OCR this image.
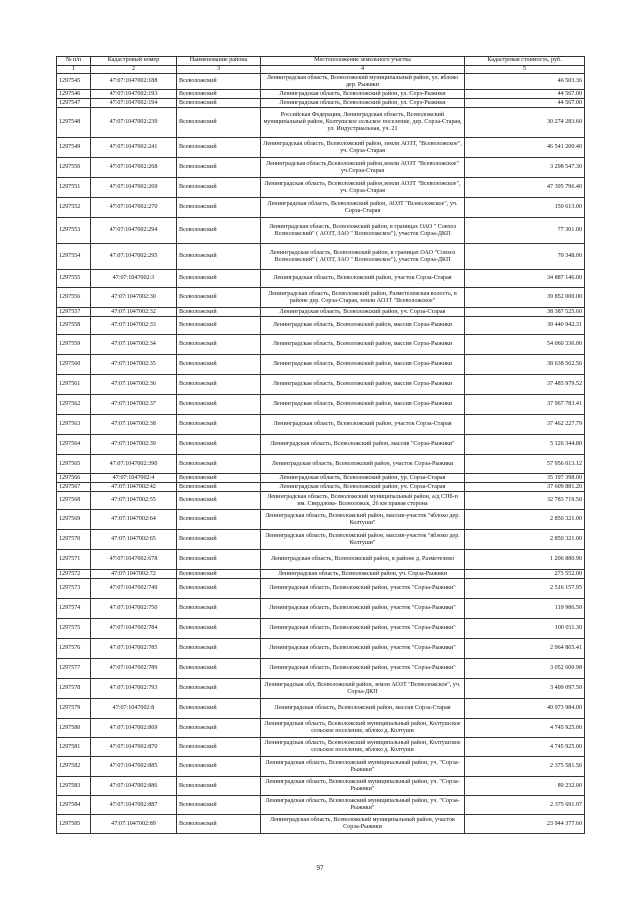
№ п/п	Кадастровый номер	Наименование района	Местоположение земельного участка	Кадастровая стоимость, руб.
1	2	3	4	5
1297545	47:07:1047002:188	Всеволожский	Ленинградская область, Всеволожский муниципальный район, ул. яблоко дер. Рыжики	46 503.36
1297546	47:07:1047002:193	Всеволожский	Ленинградская область, Всеволожский район, ул. Сорэ-Рыжики	44 567.00
1297547	47:07:1047002:194	Всеволожский	Ленинградская область, Всеволожский район, ул. Сорэ-Рыжики	44 567.00
1297548	47:07:1047002:239	Всеволожский	Российская Федерация, Ленинградская область, Всеволожский муниципальный район, Колтушское сельское поселение, дер. Сорэа-Старая, ул. Индустриальная, уч. 21	30 274 283.60
1297549	47:07:1047002:241	Всеволожский	Ленинградская область, Всеволожский район, земли АОЗТ, "Всеволожское", уч. Сорэа-Старая	46 541 200.40
1297550	47:07:1047002:268	Всеволожский	Ленинградская область,Всеволожский район,земли АОЗТ "Всеволожское" уч.Сорэа-Старая	3 298 547.30
1297551	47:07:1047002:269	Всеволожский	Ленинградская область, Всеволожский район,земли АОЗТ "Всеволожское", уч. Сорэа-Старая	47 395 796.40
1297552	47:07:1047002:270	Всеволожский	Ленинградская область, Всеволожский район, АОЗТ "Всеволожское", уч. Сорэа-Старая	159 613.00
1297553	47:07:1047002:294	Всеволожский	Ленинградская область, Всеволожский район, в границах ОАО " Совхоз Всеволожский" ( АОЗТ, ЗАО " Всеволожское"), участок Сорэа-ДКП	77 301.00
1297554	47:07:1047002:295	Всеволожский	Ленинградская область, Всеволожский район, в границах ОАО "Совхоз Всеволожский" ( АОЗТ, ЗАО " Всеволожское"), участок Сорэа-ДКП	70 348.00
1297555	47:07:1047002:3	Всеволожский	Ленинградская область, Всеволожский район, участок Сорэа-Старая	34 887 146.00
1297556	47:07:1047002:30	Всеволожский	Ленинградская область, Всеволожский район, Разметелевская волость, в районе дер. Сорэа-Старая, земли АОЗТ "Всеволожское"	39 852 000.00
1297557	47:07:1047002:32	Всеволожский	Ленинградская область, Всеволожский район, уч. Сорэа-Старая	38 387 525.60
1297558	47:07:1047002:33	Всеволожский	Ленинградская область, Всеволожский район, массив Сорэа-Рыжики	39 440 942.31
1297559	47:07:1047002:34	Всеволожский	Ленинградская область, Всеволожский район, массив Сорэа-Рыжики	54 060 336.00
1297560	47:07:1047002:35	Всеволожский	Ленинградская область, Всеволожский район, массив Сорэа-Рыжики	38 638 562.56
1297561	47:07:1047002:36	Всеволожский	Ленинградская область, Всеволожский район, массив Сорэа-Рыжики	37 485 979.52
1297562	47:07:1047002:37	Всеволожский	Ленинградская область, Всеволожский район, массив Сорэа-Рыжики	37 967 783.41
1297563	47:07:1047002:38	Всеволожский	Ленинградская область, Всеволожский район, участок Сорэа-Старая	37 462 227.79
1297564	47:07:1047002:39	Всеволожский	Ленинградская область, Всеволожский район, массив "Сорэа-Рыжики"	5 126 344.80
1297565	47:07:1047002:390	Всеволожский	Ленинградская область, Всеволожский район, участок Сорэа-Рыжики	57 956 013.12
1297566	47:07:1047002:4	Всеволожский	Ленинградская область, Всеволожский район, ур. Сорэа-Старая	35 197 398.00
1297567	47:07:1047002:42	Всеволожский	Ленинградская область, Всеволожский район, уч. Сорэа-Старая	37 609 881.20
1297568	47:07:1047002:55	Всеволожский	Ленинградская область, Всеволожский муниципальный район, а/д СПб-п им. Свердлова- Всеволожск, 26 км правая сторона	32 783 719.50
1297569	47:07:1047002:64	Всеволожский	Ленинградская область, Всеволожский район, массив-участок "яблоко дер. Колтуши"	2 850 321.00
1297570	47:07:1047002:65	Всеволожский	Ленинградская область, Всеволожский район, массив-участок "яблоко дер. Колтуши"	2 850 321.00
1297571	47:07:1047002:678	Всеволожский	Ленинградская область, Всеволожский район, в районе д. Разметелево	1 206 880.90
1297572	47:07:1047002:72	Всеволожский	Ленинградская область, Всеволожский район, уч. Сорэа-Рыжики	273 552.00
1297573	47:07:1047002:749	Всеволожский	Ленинградская область, Всеволожский район, участок "Сорэа-Рыжики"	2 516 157.95
1297574	47:07:1047002:750	Всеволожский	Ленинградская область, Всеволожский район, участок "Сорэа-Рыжики"	119 986.50
1297575	47:07:1047002:784	Всеволожский	Ленинградская область, Всеволожский район, участок "Сорэа-Рыжики"	100 011.30
1297576	47:07:1047002:785	Всеволожский	Ленинградская область, Всеволожский район, участок "Сорэа-Рыжики"	2 964 865.41
1297577	47:07:1047002:789	Всеволожский	Ленинградская область, Всеволожский район, участок "Сорэа-Рыжики"	3 052 600.98
1297578	47:07:1047002:793	Всеволожский	Ленинградская обл, Всеволожский район, земли АОЗТ "Всеволожское", уч. Сорэа-ДКП	3 409 097.50
1297579	47:07:1047002:8	Всеволожский	Ленинградская область, Всеволожский район, массив Сорэа-Старая	40 973 984.00
1297580	47:07:1047002:869	Всеволожский	Ленинградская область, Всеволожский муниципальный район, Колтушское сельское поселение, яблоко д. Колтуши	4 745 925.00
1297581	47:07:1047002:870	Всеволожский	Ленинградская область, Всеволожский муниципальный район, Колтушское сельское поселение, яблоко д. Колтуши	4 745 925.00
1297582	47:07:1047002:885	Всеволожский	Ленинградская область, Всеволожский муниципальный район, уч. "Сорэа-Рыжики"	2 375 581.56
1297583	47:07:1047002:886	Всеволожский	Ленинградская область, Всеволожский муниципальный район, уч. "Сорэа-Рыжики"	89 232.00
1297584	47:07:1047002:887	Всеволожский	Ленинградская область, Всеволожский муниципальный район, уч. "Сорэа-Рыжики"	2 375 691.97
1297585	47:07:1047002:89	Всеволожский	Ленинградская область, Всеволожский муниципальный район, участок Сорэа-Рыжики	23 944 377.60
97
